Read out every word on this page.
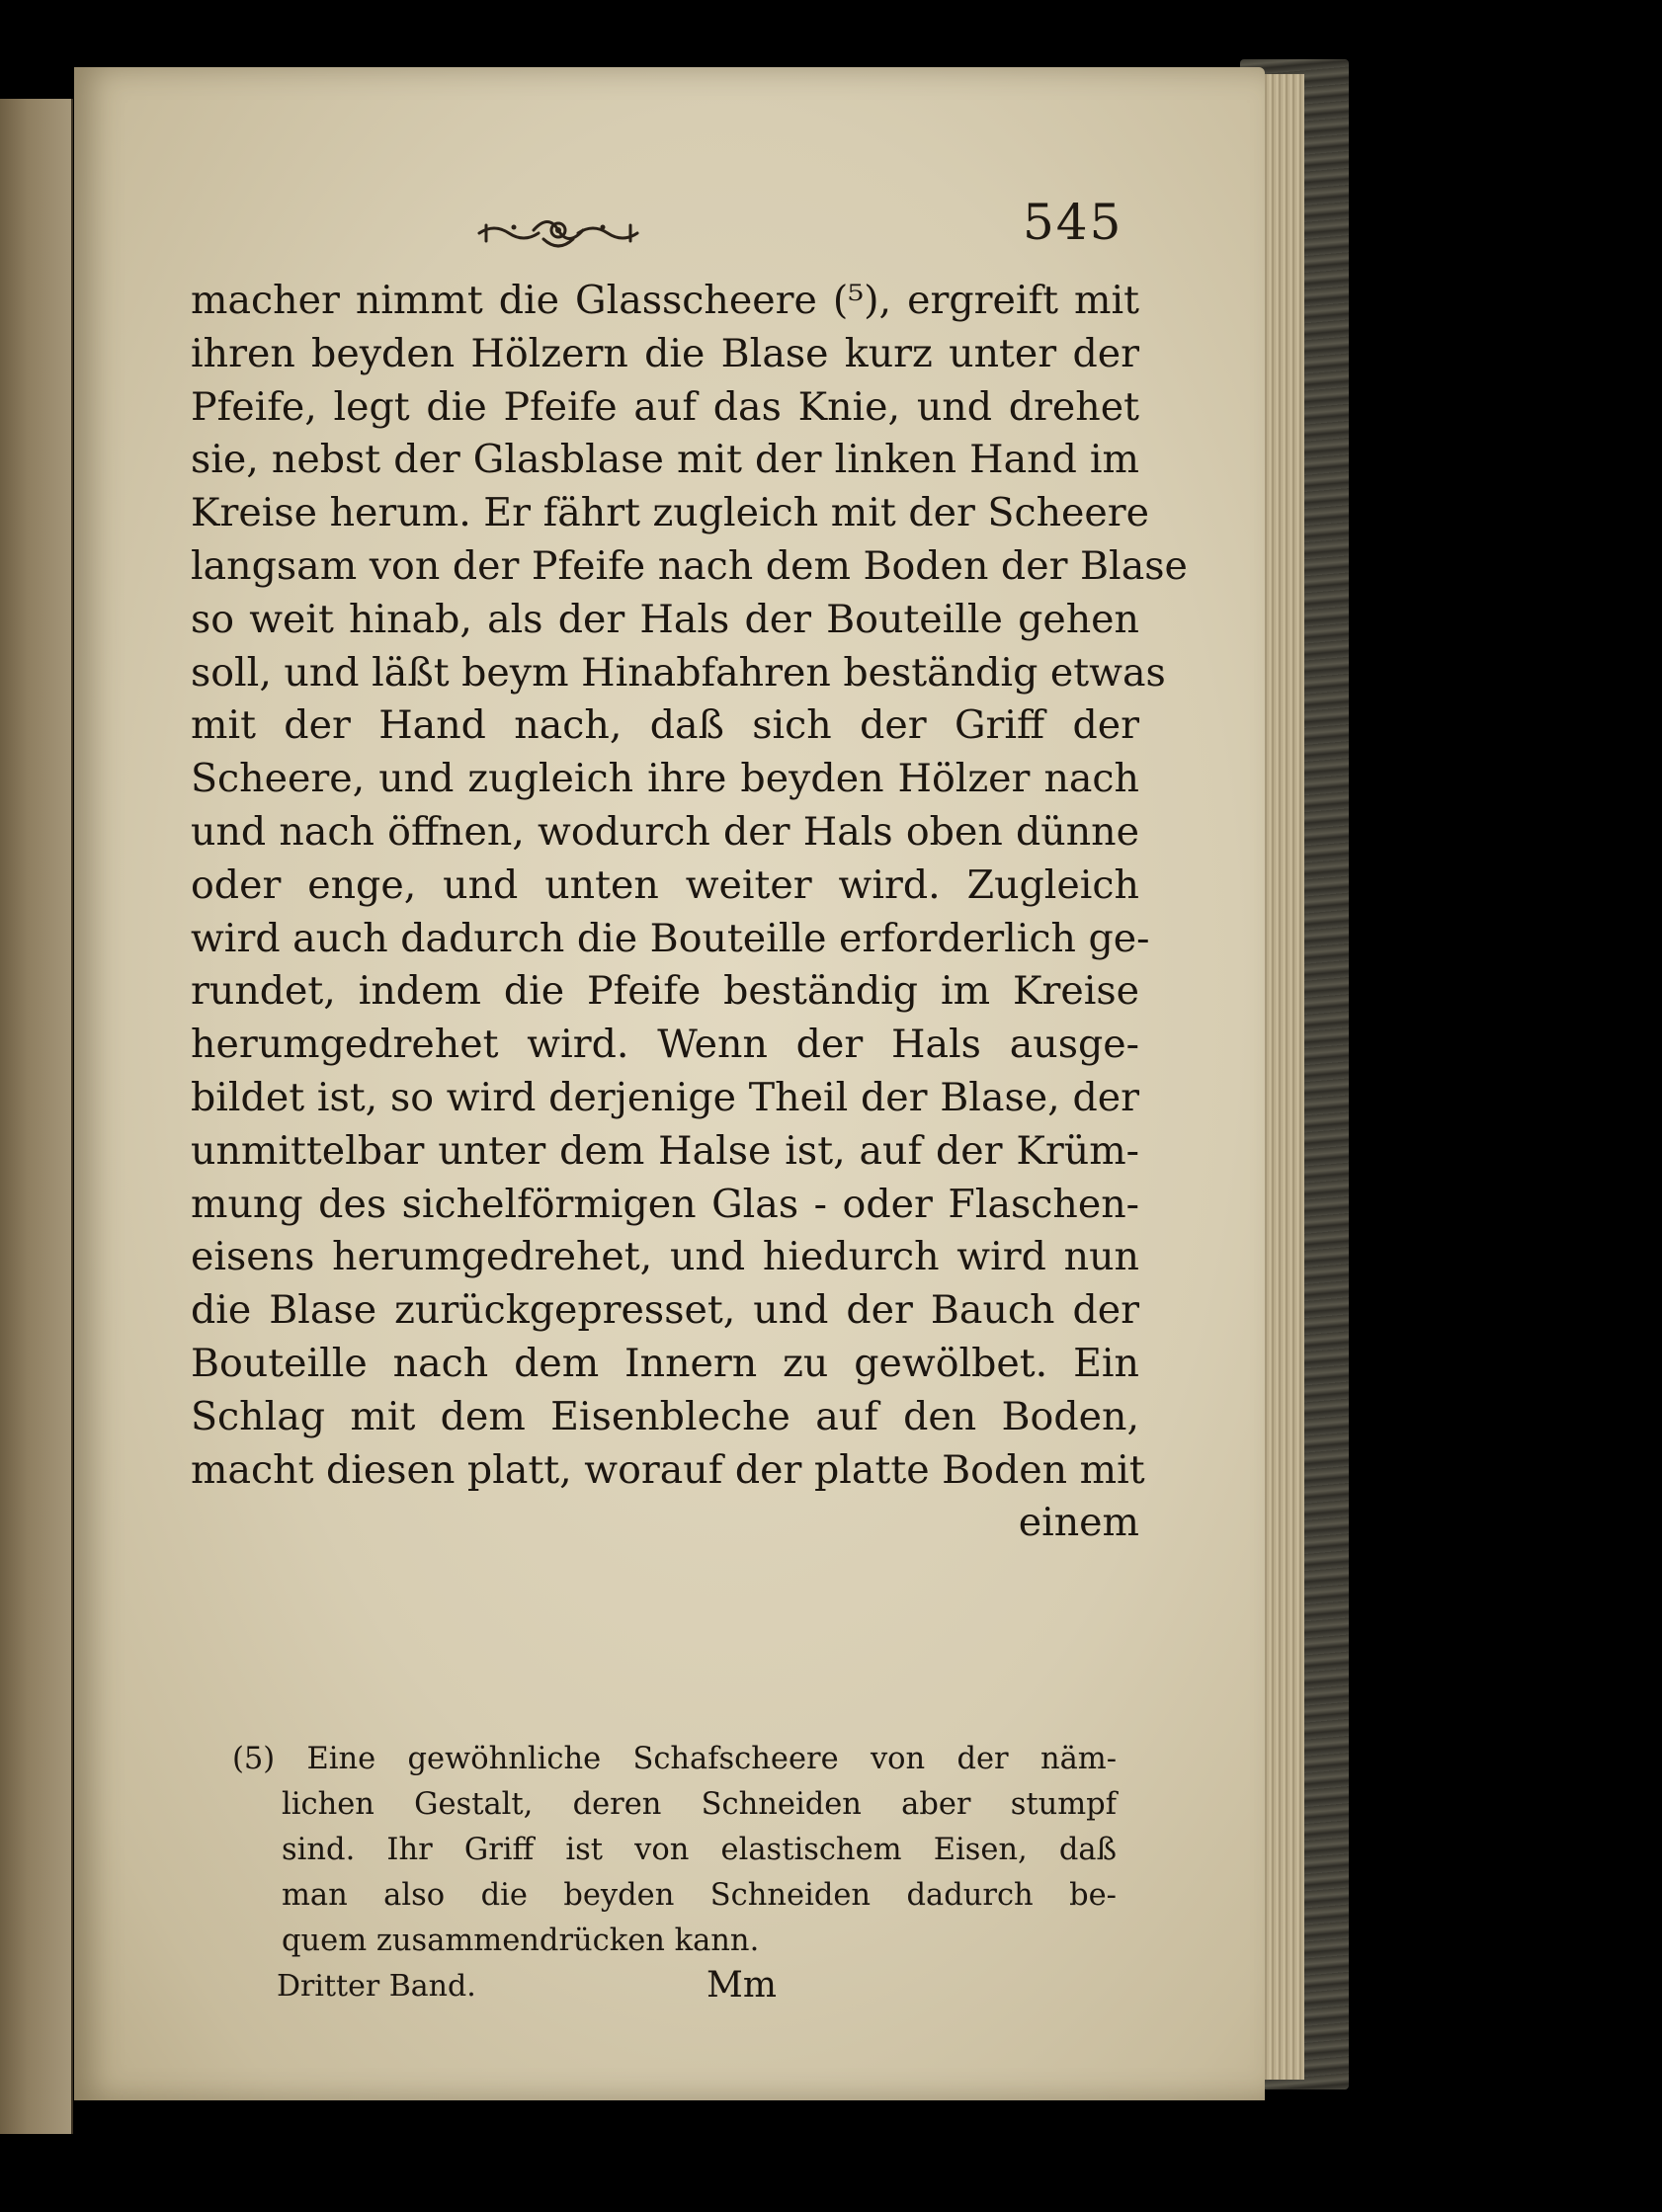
545
macher nimmt die Glasscheere (⁵), ergreift mit
ihren beyden Hölzern die Blase kurz unter der
Pfeife, legt die Pfeife auf das Knie, und drehet
sie, nebst der Glasblase mit der linken Hand im
Kreise herum. Er fährt zugleich mit der Scheere
langsam von der Pfeife nach dem Boden der Blase
so weit hinab, als der Hals der Bouteille gehen
soll, und läßt beym Hinabfahren beständig etwas
mit der Hand nach, daß sich der Griff der
Scheere, und zugleich ihre beyden Hölzer nach
und nach öffnen, wodurch der Hals oben dünne
oder enge, und unten weiter wird. Zugleich
wird auch dadurch die Bouteille erforderlich ge-
rundet, indem die Pfeife beständig im Kreise
herumgedrehet wird. Wenn der Hals ausge-
bildet ist, so wird derjenige Theil der Blase, der
unmittelbar unter dem Halse ist, auf der Krüm-
mung des sichelförmigen Glas - oder Flaschen-
eisens herumgedrehet, und hiedurch wird nun
die Blase zurückgepresset, und der Bauch der
Bouteille nach dem Innern zu gewölbet. Ein
Schlag mit dem Eisenbleche auf den Boden,
macht diesen platt, worauf der platte Boden mit
einem
(5) Eine gewöhnliche Schafscheere von der näm-
lichen Gestalt, deren Schneiden aber stumpf
sind. Ihr Griff ist von elastischem Eisen, daß
man also die beyden Schneiden dadurch be-
quem zusammendrücken kann.
Dritter Band.	Mm
